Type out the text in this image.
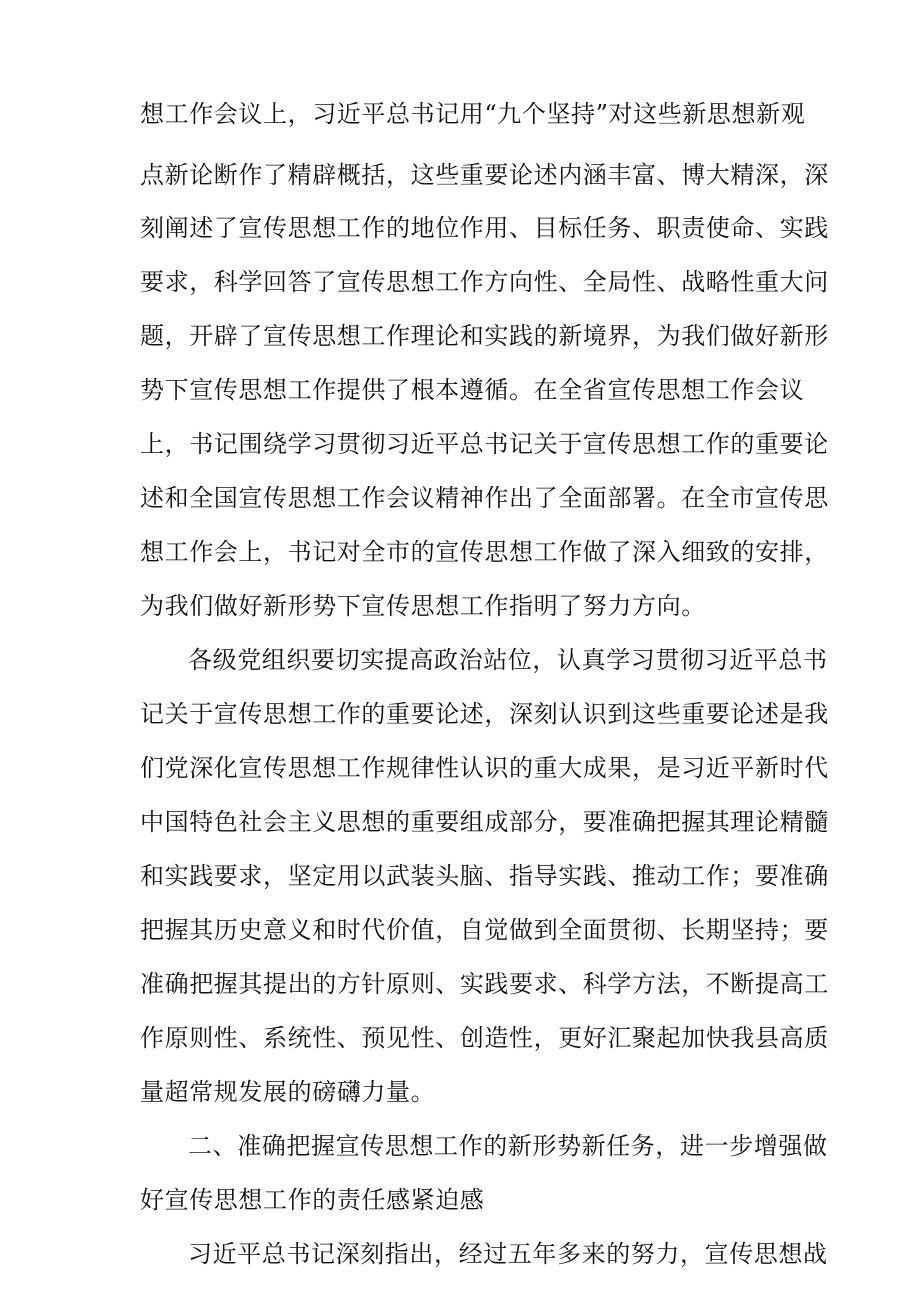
想工作会议上，习近平总书记用“九个坚持”对这些新思想新观
点新论断作了精辟概括，这些重要论述内涵丰富、博大精深，深
刻阐述了宣传思想工作的地位作用、目标任务、职责使命、实践
要求，科学回答了宣传思想工作方向性、全局性、战略性重大问
题，开辟了宣传思想工作理论和实践的新境界，为我们做好新形
势下宣传思想工作提供了根本遵循。在全省宣传思想工作会议
上，书记围绕学习贯彻习近平总书记关于宣传思想工作的重要论
述和全国宣传思想工作会议精神作出了全面部署。在全市宣传思
想工作会上，书记对全市的宣传思想工作做了深入细致的安排，
为我们做好新形势下宣传思想工作指明了努力方向。
各级党组织要切实提高政治站位，认真学习贯彻习近平总书
记关于宣传思想工作的重要论述，深刻认识到这些重要论述是我
们党深化宣传思想工作规律性认识的重大成果，是习近平新时代
中国特色社会主义思想的重要组成部分，要准确把握其理论精髓
和实践要求，坚定用以武装头脑、指导实践、推动工作；要准确
把握其历史意义和时代价值，自觉做到全面贯彻、长期坚持；要
准确把握其提出的方针原则、实践要求、科学方法，不断提高工
作原则性、系统性、预见性、创造性，更好汇聚起加快我县高质
量超常规发展的磅礴力量。
二、准确把握宣传思想工作的新形势新任务，进一步增强做
好宣传思想工作的责任感紧迫感
习近平总书记深刻指出，经过五年多来的努力，宣传思想战
